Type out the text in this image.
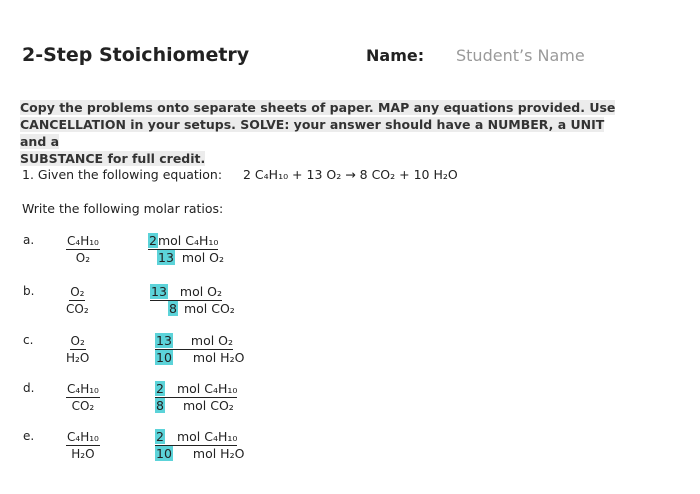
2-Step Stoichiometry	Name: Student’s Name
Copy the problems onto separate sheets of paper. MAP any equations provided. Use
CANCELLATION in your setups. SOLVE: your answer should have a NUMBER, a UNIT and a
SUBSTANCE for full credit.
1. Given the following equation: 2 C₄H₁₀ + 13 O₂ → 8 CO₂ + 10 H₂O
Write the following molar ratios:
a.	$\frac{\text{C₄H₁₀}}{\text{O₂}}$	2mol C₄H₁₀
13 mol O₂
b.	$\frac{\text{O₂}}{\text{CO₂}}$	13 mol O₂
8 mol CO₂
c.	$\frac{\text{O₂}}{\text{H₂O}}$	13 mol O₂
10 mol H₂O
d.	$\frac{\text{C₄H₁₀}}{\text{CO₂}}$	2 mol C₄H₁₀
8 mol CO₂
e.	$\frac{\text{C₄H₁₀}}{\text{H₂O}}$	2 mol C₄H₁₀
10 mol H₂O
